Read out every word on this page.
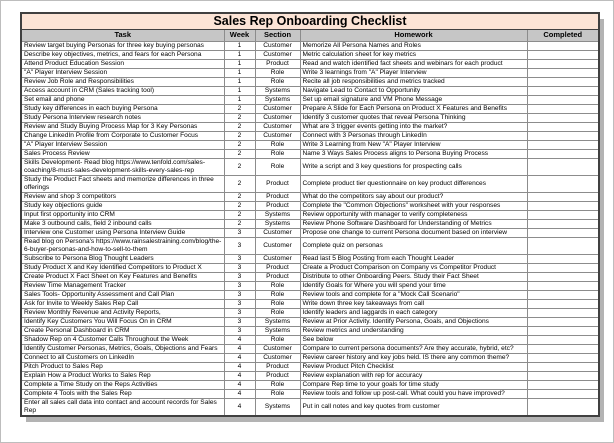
Sales Rep Onboarding Checklist
Task	Week	Section	Homework	Completed
Review target buying Personas for three key buying personas	1	Customer	Memorize All Persona Names and Roles	
Describe key objectives, metrics, and fears for each Persona	1	Customer	Metric calculation sheet for key metrics	
Attend Product Education Session	1	Product	Read and watch identified fact sheets and webinars for each product	
"A" Player Interview Session	1	Role	Write 3 learnings from "A" Player Interview	
Review Job Role and Responsibilities	1	Role	Recite all job responsibilities and metrics tracked	
Access account in CRM (Sales tracking tool)	1	Systems	Navigate Lead to Contact to Opportunity	
Set email and phone	1	Systems	Set up email signature and VM Phone Message	
Study key differences in each buying Persona	2	Customer	Prepare A Slide for Each Persona on Product X Features and Benefits	
Study Persona Interview research notes	2	Customer	Identify 3 customer quotes that reveal Persona Thinking	
Review and Study Buying Process Map for 3 Key Personas	2	Customer	What are 3 trigger events getting into the market?	
Change LinkedIn Profile from Corporate to Customer Focus	2	Customer	Connect with 3 Personas through LinkedIn	
"A" Player Interview Session	2	Role	Write 3 Learning from New "A" Player Interview	
Sales Process Review	2	Role	Name 3 Ways Sales Process aligns to Persona Buying Process	
Skills Development- Read blog https://www.tenfold.com/sales-coaching/8-must-sales-development-skills-every-sales-rep	2	Role	Write a script and 3 key questions for prospecting calls	
Study the Product Fact sheets and memorize differences in three offerings	2	Product	Complete product tier questionnaire on key product differences	
Review and shop 3 competitors	2	Product	What do the competitors say about our product?	
Study key objections guide	2	Product	Complete the "Common Objections" worksheet with your responses	
Input first opportunity into CRM	2	Systems	Review opportunity with manager to verify completeness	
Make 3 outbound calls, field 2 inbound calls	2	Systems	Review Phone Software Dashboard for Understanding of Metrics	
Interview one Customer using Persona Interview Guide	3	Customer	Propose one change to current Persona document based on interview	
Read blog on Persona's https://www.rainsalestraining.com/blog/the-6-buyer-personas-and-how-to-sell-to-them	3	Customer	Complete quiz on personas	
Subscribe to Persona Blog Thought Leaders	3	Customer	Read last 5 Blog Posting from each Thought Leader	
Study Product X and Key Identified Competitors to Product X	3	Product	Create a Product Comparison on Company vs Competitor Product	
Create Product X Fact Sheet on Key Features and Benefits	3	Product	Distribute to other Onboarding Peers. Study their Fact Sheet	
Review Time Management Tracker	3	Role	Identify Goals for Where you will spend your time	
Sales Tools- Opportunity Assessment and Call Plan	3	Role	Review tools and complete for a "Mock Call Scenario"	
Ask for Invite to Weekly Sales Rep Call	3	Role	Write down three key takeaways from call	
Review Monthly Revenue and Activity Reports,	3	Role	Identify leaders and laggards in each category	
Identify Key Customers You Will Focus On in CRM	3	Systems	Review at Prior Activity. Identify Persona, Goals, and Objections	
Create Personal Dashboard in CRM	3	Systems	Review metrics and understanding	
Shadow Rep on 4 Customer Calls Throughout the Week	4	Role	See below	
Identify Customer Personas, Metrics, Goals, Objections and Fears	4	Customer	Compare to current persona documents? Are they accurate, hybrid, etc?	
Connect to all Customers on LinkedIn	4	Customer	Review career history and key jobs held. IS there any common theme?	
Pitch Product to Sales Rep	4	Product	Review Product Pitch Checklist	
Explain How a Product Works to Sales Rep	4	Product	Review explanation with rep for accuracy	
Complete a Time Study on the Reps Activities	4	Role	Compare Rep time to your goals for time study	
Complete 4 Tools with the Sales Rep	4	Role	Review tools and follow up post-call. What could you have improved?	
Enter all sales call data into contact and account records for Sales Rep	4	Systems	Put in call notes and key quotes from customer	
